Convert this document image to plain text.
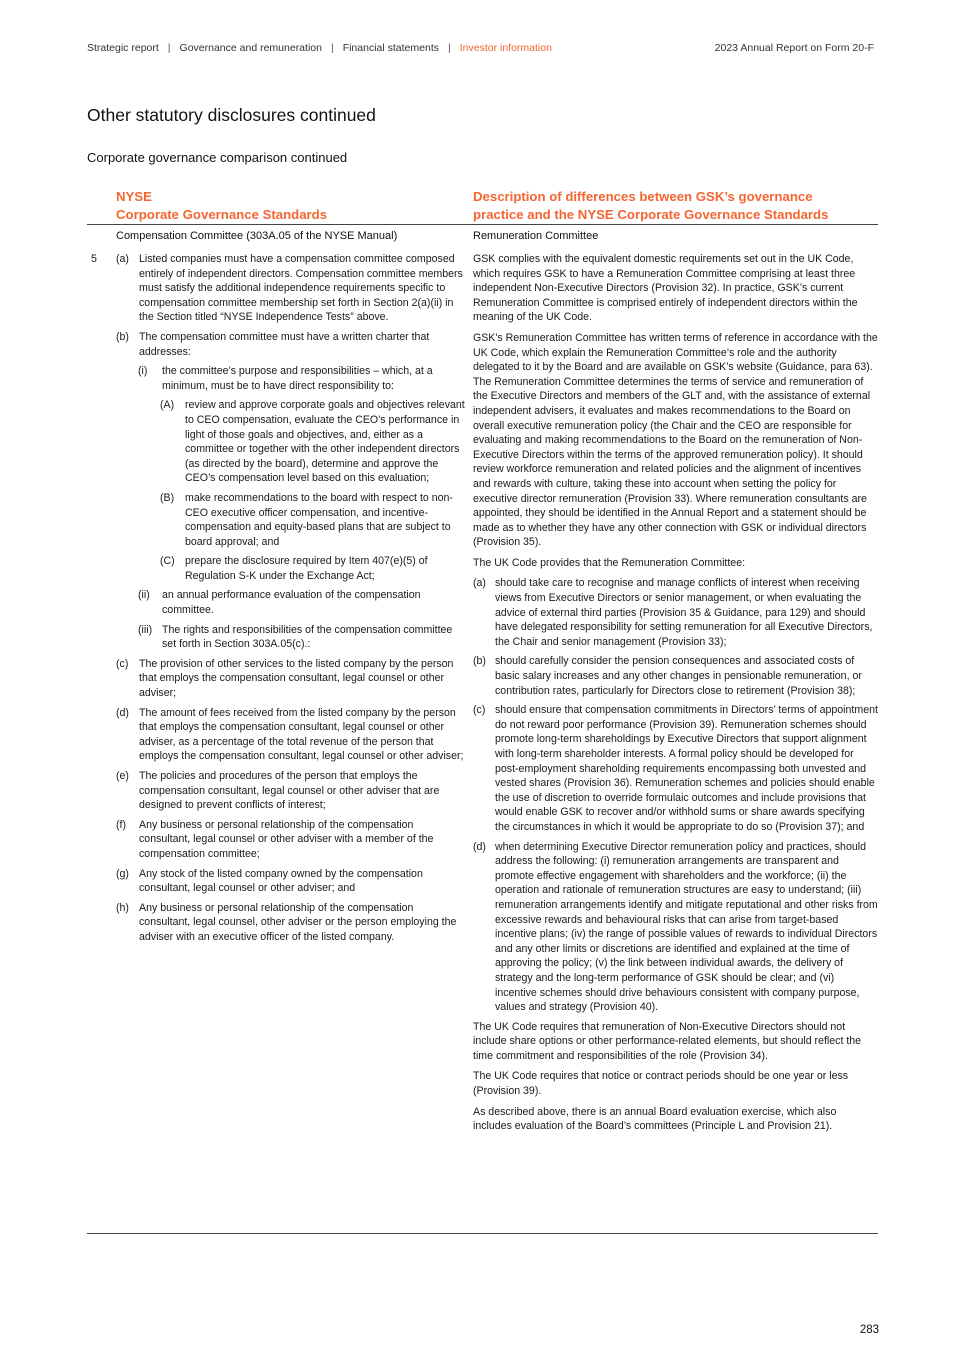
Strategic report | Governance and remuneration | Financial statements | Investor information	2023 Annual Report on Form 20-F
Other statutory disclosures continued
Corporate governance comparison continued
NYSE
Corporate Governance Standards
Description of differences between GSK’s governance
practice and the NYSE Corporate Governance Standards
Compensation Committee (303A.05 of the NYSE Manual)	Remuneration Committee
5 (a) Listed companies must have a compensation committee composed entirely of independent directors. Compensation committee members must satisfy the additional independence requirements specific to compensation committee membership set forth in Section 2(a)(ii) in the Section titled “NYSE Independence Tests” above.
(b) The compensation committee must have a written charter that addresses:
(i) the committee’s purpose and responsibilities – which, at a minimum, must be to have direct responsibility to:
(A) review and approve corporate goals and objectives relevant to CEO compensation, evaluate the CEO’s performance in light of those goals and objectives, and, either as a committee or together with the other independent directors (as directed by the board), determine and approve the CEO’s compensation level based on this evaluation;
(B) make recommendations to the board with respect to non-CEO executive officer compensation, and incentive-compensation and equity-based plans that are subject to board approval; and
(C) prepare the disclosure required by Item 407(e)(5) of Regulation S-K under the Exchange Act;
(ii) an annual performance evaluation of the compensation committee.
(iii) The rights and responsibilities of the compensation committee set forth in Section 303A.05(c).:
(c) The provision of other services to the listed company by the person that employs the compensation consultant, legal counsel or other adviser;
(d) The amount of fees received from the listed company by the person that employs the compensation consultant, legal counsel or other adviser, as a percentage of the total revenue of the person that employs the compensation consultant, legal counsel or other adviser;
(e) The policies and procedures of the person that employs the compensation consultant, legal counsel or other adviser that are designed to prevent conflicts of interest;
(f) Any business or personal relationship of the compensation consultant, legal counsel or other adviser with a member of the compensation committee;
(g) Any stock of the listed company owned by the compensation consultant, legal counsel or other adviser; and
(h) Any business or personal relationship of the compensation consultant, legal counsel, other adviser or the person employing the adviser with an executive officer of the listed company.

GSK complies with the equivalent domestic requirements set out in the UK Code, which requires GSK to have a Remuneration Committee comprising at least three independent Non-Executive Directors (Provision 32). In practice, GSK’s current Remuneration Committee is comprised entirely of independent directors within the meaning of the UK Code.

GSK's Remuneration Committee has written terms of reference in accordance with the UK Code, which explain the Remuneration Committee’s role and the authority delegated to it by the Board and are available on GSK’s website (Guidance, para 63). The Remuneration Committee determines the terms of service and remuneration of the Executive Directors and members of the GLT and, with the assistance of external independent advisers, it evaluates and makes recommendations to the Board on overall executive remuneration policy (the Chair and the CEO are responsible for evaluating and making recommendations to the Board on the remuneration of Non-Executive Directors within the terms of the approved remuneration policy). It should review workforce remuneration and related policies and the alignment of incentives and rewards with culture, taking these into account when setting the policy for executive director remuneration (Provision 33). Where remuneration consultants are appointed, they should be identified in the Annual Report and a statement should be made as to whether they have any other connection with GSK or individual directors (Provision 35).

The UK Code provides that the Remuneration Committee:

(a) should take care to recognise and manage conflicts of interest when receiving views from Executive Directors or senior management, or when evaluating the advice of external third parties (Provision 35 & Guidance, para 129) and should have delegated responsibility for setting remuneration for all Executive Directors, the Chair and senior management (Provision 33);
(b) should carefully consider the pension consequences and associated costs of basic salary increases and any other changes in pensionable remuneration, or contribution rates, particularly for Directors close to retirement (Provision 38);
(c) should ensure that compensation commitments in Directors’ terms of appointment do not reward poor performance (Provision 39). Remuneration schemes should promote long-term shareholdings by Executive Directors that support alignment with long-term shareholder interests. A formal policy should be developed for post-employment shareholding requirements encompassing both unvested and vested shares (Provision 36). Remuneration schemes and policies should enable the use of discretion to override formulaic outcomes and include provisions that would enable GSK to recover and/or withhold sums or share awards specifying the circumstances in which it would be appropriate to do so (Provision 37); and
(d) when determining Executive Director remuneration policy and practices, should address the following: (i) remuneration arrangements are transparent and promote effective engagement with shareholders and the workforce; (ii) the operation and rationale of remuneration structures are easy to understand; (iii) remuneration arrangements identify and mitigate reputational and other risks from excessive rewards and behavioural risks that can arise from target-based incentive plans; (iv) the range of possible values of rewards to individual Directors and any other limits or discretions are identified and explained at the time of approving the policy; (v) the link between individual awards, the delivery of strategy and the long-term performance of GSK should be clear; and (vi) incentive schemes should drive behaviours consistent with company purpose, values and strategy (Provision 40).

The UK Code requires that remuneration of Non-Executive Directors should not include share options or other performance-related elements, but should reflect the time commitment and responsibilities of the role (Provision 34).

The UK Code requires that notice or contract periods should be one year or less (Provision 39).

As described above, there is an annual Board evaluation exercise, which also includes evaluation of the Board’s committees (Principle L and Provision 21).

283
